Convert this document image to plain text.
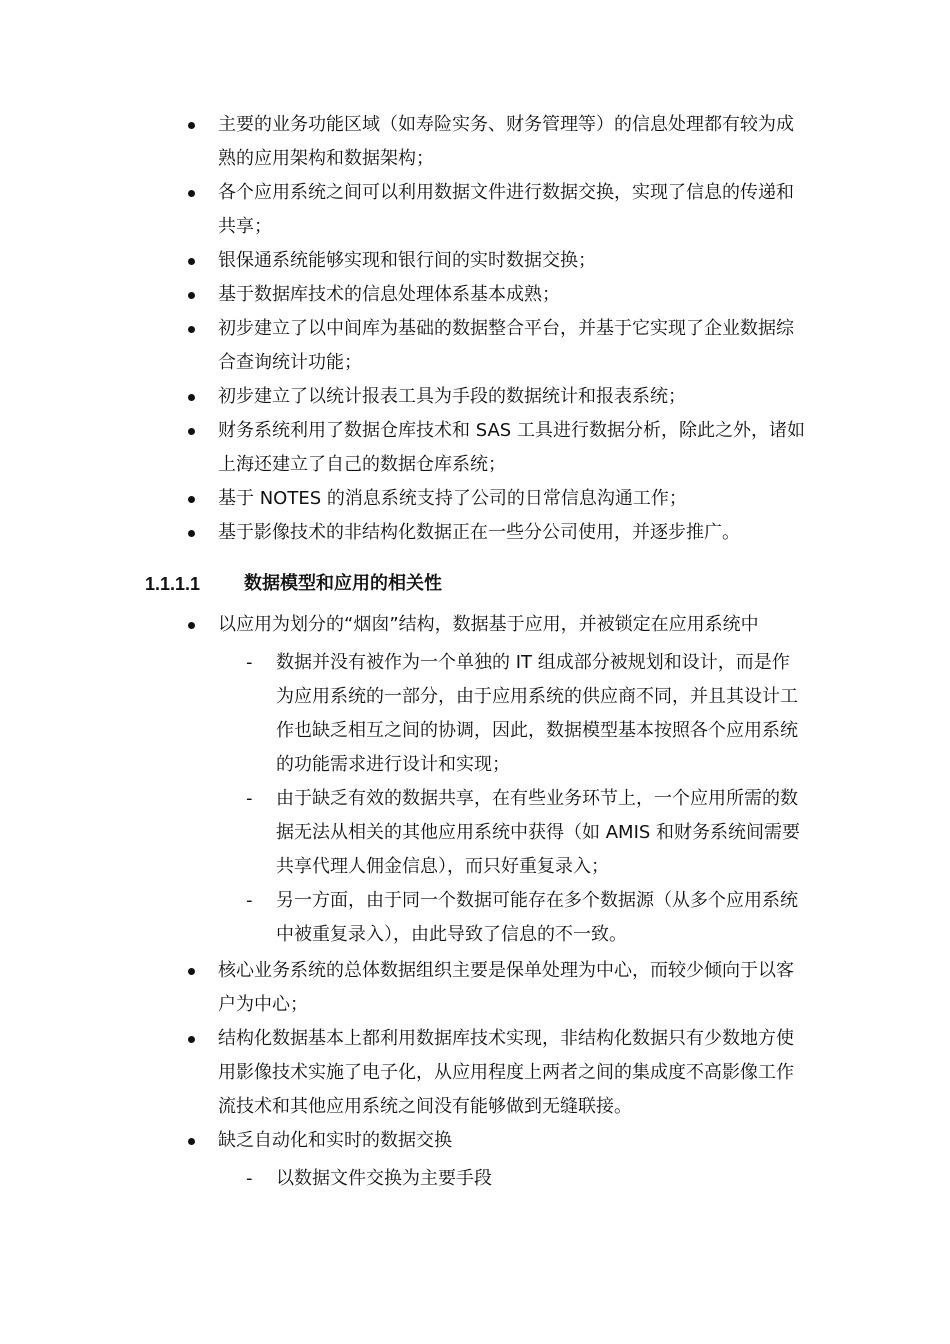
主要的业务功能区域（如寿险实务、财务管理等）的信息处理都有较为成熟的应用架构和数据架构；
各个应用系统之间可以利用数据文件进行数据交换，实现了信息的传递和共享；
银保通系统能够实现和银行间的实时数据交换；
基于数据库技术的信息处理体系基本成熟；
初步建立了以中间库为基础的数据整合平台，并基于它实现了企业数据综合查询统计功能；
初步建立了以统计报表工具为手段的数据统计和报表系统；
财务系统利用了数据仓库技术和 SAS 工具进行数据分析，除此之外，诸如上海还建立了自己的数据仓库系统；
基于 NOTES 的消息系统支持了公司的日常信息沟通工作；
基于影像技术的非结构化数据正在一些分公司使用，并逐步推广。
1.1.1.1 数据模型和应用的相关性
以应用为划分的“烟囱”结构，数据基于应用，并被锁定在应用系统中
- 数据并没有被作为一个单独的 IT 组成部分被规划和设计，而是作为应用系统的一部分，由于应用系统的供应商不同，并且其设计工作也缺乏相互之间的协调，因此，数据模型基本按照各个应用系统的功能需求进行设计和实现；
- 由于缺乏有效的数据共享，在有些业务环节上，一个应用所需的数据无法从相关的其他应用系统中获得（如 AMIS 和财务系统间需要共享代理人佣金信息），而只好重复录入；
- 另一方面，由于同一个数据可能存在多个数据源（从多个应用系统中被重复录入），由此导致了信息的不一致。
核心业务系统的总体数据组织主要是保单处理为中心，而较少倾向于以客户为中心；
结构化数据基本上都利用数据库技术实现，非结构化数据只有少数地方使用影像技术实施了电子化，从应用程度上两者之间的集成度不高影像工作流技术和其他应用系统之间没有能够做到无缝联接。
缺乏自动化和实时的数据交换
- 以数据文件交换为主要手段
